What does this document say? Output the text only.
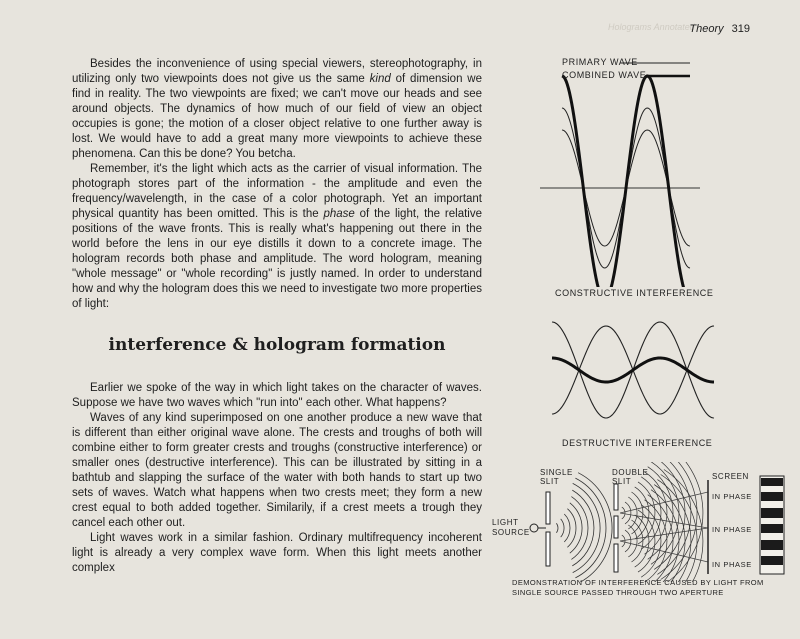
Holograms Annotated
Theory 319

Besides the inconvenience of using special viewers, stereophotography, in utilizing only two viewpoints does not give us the same kind of dimension we find in reality. The two viewpoints are fixed; we can't move our heads and see around objects. The dynamics of how much of our field of view an object occupies is gone; the motion of a closer object relative to one further away is lost. We would have to add a great many more viewpoints to achieve these phenomena. Can this be done? You betcha.

Remember, it's the light which acts as the carrier of visual information. The photograph stores part of the information - the amplitude and even the frequency/wavelength, in the case of a color photograph. Yet an important physical quantity has been omitted. This is the phase of the light, the relative positions of the wave fronts. This is really what's happening out there in the world before the lens in our eye distills it down to a concrete image. The hologram records both phase and amplitude. The word hologram, meaning "whole message" or "whole recording" is justly named. In order to understand how and why the hologram does this we need to investigate two more properties of light:

interference & hologram formation

Earlier we spoke of the way in which light takes on the character of waves. Suppose we have two waves which "run into" each other. What happens?

Waves of any kind superimposed on one another produce a new wave that is different than either original wave alone. The crests and troughs of both will combine either to form greater crests and troughs (constructive interference) or smaller ones (destructive interference). This can be illustrated by sitting in a bathtub and slapping the surface of the water with both hands to start up two sets of waves. Watch what happens when two crests meet; they form a new crest equal to both added together. Similarily, if a crest meets a trough they cancel each other out.

Light waves work in a similar fashion. Ordinary multifrequency incoherent light is already a very complex wave form. When this light meets another complex

PRIMARY WAVE
COMBINED WAVE
CONSTRUCTIVE INTERFERENCE
DESTRUCTIVE INTERFERENCE
SINGLE
SLIT
DOUBLE
SLIT
SCREEN
LIGHT
SOURCE
IN PHASE
IN PHASE
IN PHASE
DEMONSTRATION OF INTERFERENCE CAUSED BY LIGHT FROM
SINGLE SOURCE PASSED THROUGH TWO APERTURE
